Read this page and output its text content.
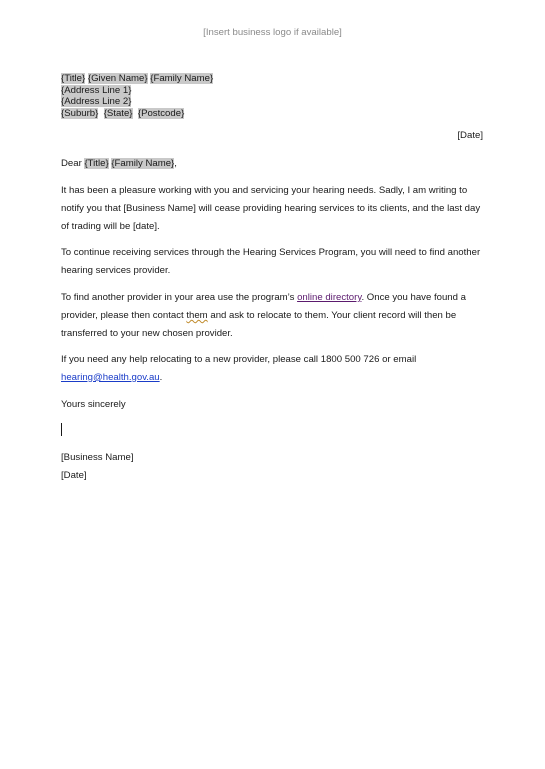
[Insert business logo if available]
{Title} {Given Name} {Family Name}
{Address Line 1}
{Address Line 2}
{Suburb} {State} {Postcode}
[Date]

Dear {Title} {Family Name},

It has been a pleasure working with you and servicing your hearing needs. Sadly, I am writing to notify you that [Business Name] will cease providing hearing services to its clients, and the last day of trading will be [date].

To continue receiving services through the Hearing Services Program, you will need to find another hearing services provider.

To find another provider in your area use the program’s online directory. Once you have found a provider, please then contact them and ask to relocate to them. Your client record will then be transferred to your new chosen provider.

If you need any help relocating to a new provider, please call 1800 500 726 or email hearing@health.gov.au.

Yours sincerely

[Business Name]

[Date]
